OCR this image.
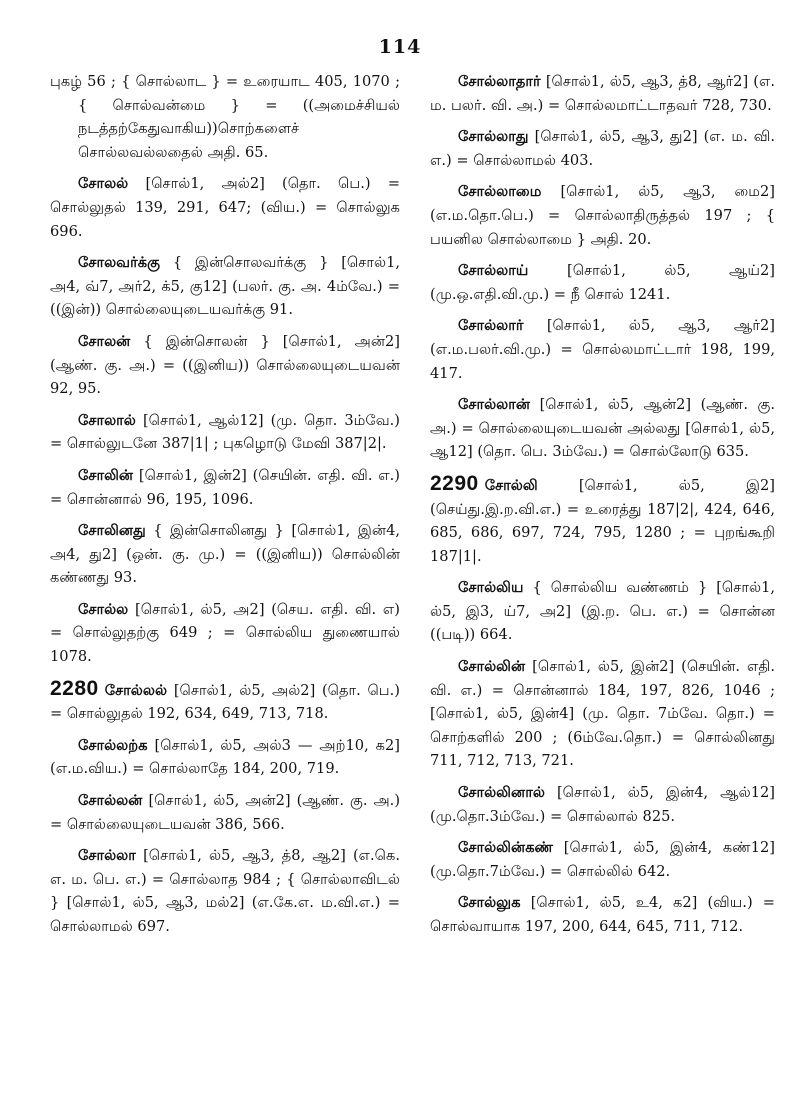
114

புகழ் 56 ; { சொல்லாட } = உரையாட 405, 1070 ; { சொல்வன்மை } = ((அமைச்சியல் நடத்தற்கேதுவாகிய))சொற்களைச் சொல்லவல்லதைல் அதி. 65.

சோலல் [சொல்1, அல்2] (தொ. பெ.) = சொல்லுதல் 139, 291, 647; (விய.) = சொல்லுக 696.

சோலவர்க்கு { இன்சொலவர்க்கு } [சொல்1, அ4, வ்7, அர்2, க்5, கு12] (பலர். கு. அ. 4ம்வே.) = ((இன்)) சொல்லையுடையவர்க்கு 91.

சோலன் { இன்சொலன் } [சொல்1, அன்2] (ஆண். கு. அ.) = ((இனிய)) சொல்லையுடையவன் 92, 95.

சோலால் [சொல்1, ஆல்12] (மு. தொ. 3ம்வே.) = சொல்லுடனே 387|1| ; புகழொடு மேவி 387|2|.

சோலின் [சொல்1, இன்2] (செயின். எதி. வி. எ.) = சொன்னால் 96, 195, 1096.

சோலினது { இன்சொலினது } [சொல்1, இன்4, அ4, து2] (ஒன். கு. மு.) = ((இனிய)) சொல்லின் கண்ணது 93.

சோல்ல [சொல்1, ல்5, அ2] (செய. எதி. வி. எ) = சொல்லுதற்கு 649 ; = சொல்லிய துணையால் 1078.

2280 சோல்லல் [சொல்1, ல்5, அல்2] (தொ. பெ.) = சொல்லுதல் 192, 634, 649, 713, 718.

சோல்லற்க [சொல்1, ல்5, அல்3 — அற்10, க2] (எ.ம.விய.) = சொல்லாதே 184, 200, 719.

சோல்லன் [சொல்1, ல்5, அன்2] (ஆண். கு. அ.) = சொல்லையுடையவன் 386, 566.

சோல்லா [சொல்1, ல்5, ஆ3, த்8, ஆ2] (எ.கெ. எ. ம. பெ. எ.) = சொல்லாத 984 ; { சொல்லாவிடல் } [சொல்1, ல்5, ஆ3, மல்2] (எ.கே.எ. ம.வி.எ.) = சொல்லாமல் 697.

சோல்லாதார் [சொல்1, ல்5, ஆ3, த்8, ஆர்2] (எ. ம. பலர். வி. அ.) = சொல்லமாட்டாதவர் 728, 730.

சோல்லாது [சொல்1, ல்5, ஆ3, து2] (எ. ம. வி. எ.) = சொல்லாமல் 403.

சோல்லாமை [சொல்1, ல்5, ஆ3, மை2] (எ.ம.தொ.பெ.) = சொல்லாதிருத்தல் 197 ; { பயனில சொல்லாமை } அதி. 20.

சோல்லாய்	[சொல்1, ல்5, ஆய்2] (மு.ஒ.எதி.வி.மு.) = நீ சொல் 1241.

சோல்லார் [சொல்1, ல்5, ஆ3, ஆர்2] (எ.ம.பலர்.வி.மு.) = சொல்லமாட்டார் 198, 199, 417.

சோல்லான் [சொல்1, ல்5, ஆன்2] (ஆண். கு. அ.) = சொல்லையுடையவன் அல்லது [சொல்1, ல்5, ஆ12] (தொ. பெ. 3ம்வே.) = சொல்லோடு 635.

2290 சோல்லி	[சொல்1, ல்5, இ2] (செய்து.இ.ற.வி.எ.) = உரைத்து 187|2|, 424, 646, 685, 686, 697, 724, 795, 1280 ; = புறங்கூறி 187|1|.

சோல்லிய { சொல்லிய வண்ணம் } [சொல்1, ல்5, இ3, ய்7, அ2] (இ.ற. பெ. எ.) = சொன்ன ((படி)) 664.

சோல்லின் [சொல்1, ல்5, இன்2] (செயின். எதி. வி. எ.) = சொன்னால் 184, 197, 826, 1046 ; [சொல்1, ல்5, இன்4] (மு. தொ. 7ம்வே. தொ.) = சொற்களில் 200 ; (6ம்வே.தொ.) = சொல்லினது 711, 712, 713, 721.

சோல்லினால் [சொல்1, ல்5, இன்4, ஆல்12] (மு.தொ.3ம்வே.) = சொல்லால் 825.

சோல்லின்கண் [சொல்1, ல்5, இன்4, கண்12] (மு.தொ.7ம்வே.) = சொல்லில் 642.

சோல்லுக [சொல்1, ல்5, உ4, க2] (விய.) = சொல்வாயாக 197, 200, 644, 645, 711, 712.
